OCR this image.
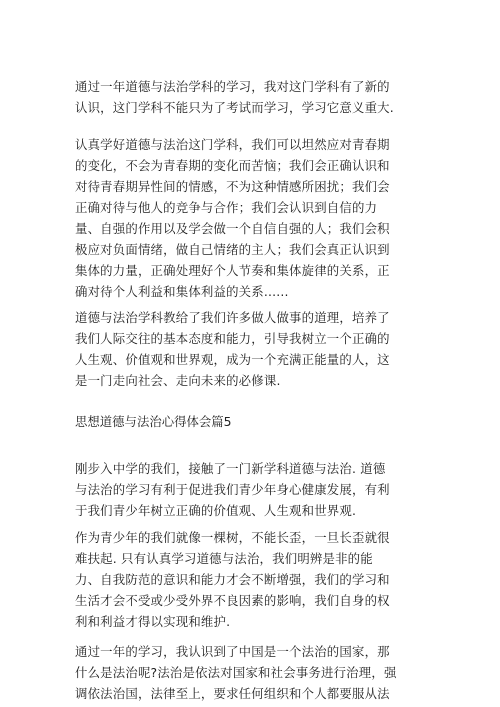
通过一年道德与法治学科的学习，我对这门学科有了新的
认识，这门学科不能只为了考试而学习，学习它意义重大.

认真学好道德与法治这门学科，我们可以坦然应对青春期
的变化，不会为青春期的变化而苦恼；我们会正确认识和
对待青春期异性间的情感，不为这种情感所困扰；我们会
正确对待与他人的竞争与合作；我们会认识到自信的力
量、自强的作用以及学会做一个自信自强的人；我们会积
极应对负面情绪，做自己情绪的主人；我们会真正认识到
集体的力量，正确处理好个人节奏和集体旋律的关系，正
确对待个人利益和集体利益的关系......

道德与法治学科教给了我们许多做人做事的道理，培养了
我们人际交往的基本态度和能力，引导我树立一个正确的
人生观、价值观和世界观，成为一个充满正能量的人，这
是一门走向社会、走向未来的必修课.

思想道德与法治心得体会篇5

刚步入中学的我们，接触了一门新学科道德与法治. 道德
与法治的学习有利于促进我们青少年身心健康发展，有利
于我们青少年树立正确的价值观、人生观和世界观.

作为青少年的我们就像一棵树，不能长歪，一旦长歪就很
难扶起. 只有认真学习道德与法治，我们明辨是非的能
力、自我防范的意识和能力才会不断增强，我们的学习和
生活才会不受或少受外界不良因素的影响，我们自身的权
利和利益才得以实现和维护.

通过一年的学习，我认识到了中国是一个法治的国家，那
什么是法治呢?法治是依法对国家和社会事务进行治理，强
调依法治国，法律至上，要求任何组织和个人都要服从法
